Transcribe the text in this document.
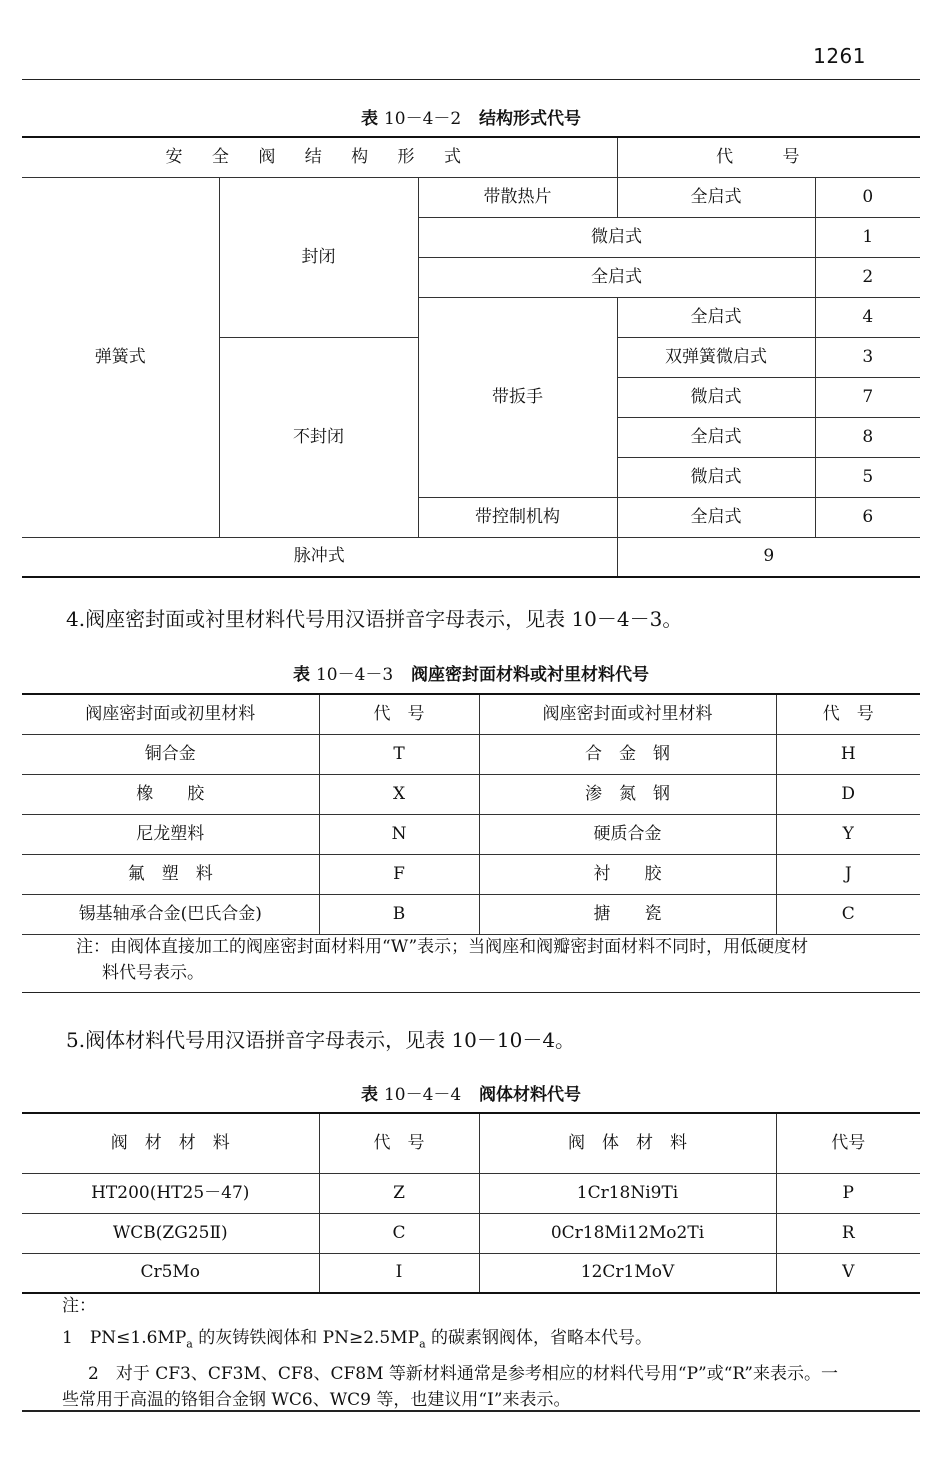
1261
表 10－4－2 结构形式代号
安 全 阀 结 构 形 式			代 号	
弹簧式	封闭	带散热片	全启式	0
		微启式		1
		全启式		2
		带扳手	全启式	4
	不封闭		双弹簧微启式	3
			微启式	7
			全启式	8
			微启式	5
		带控制机构	全启式	6
脉冲式			9	
4.阀座密封面或衬里材料代号用汉语拼音字母表示，见表 10－4－3。
表 10－4－3 阀座密封面材料或衬里材料代号
阀座密封面或初里材料	代　号	阀座密封面或衬里材料	代　号
铜合金	T	合　金　钢	H
橡　　胶	X	渗　氮　钢	D
尼龙塑料	N	硬质合金	Y
氟　塑　料	F	衬　　胶	J
锡基轴承合金(巴氏合金)	B	搪　　瓷	C
注：由阀体直接加工的阀座密封面材料用“W”表示；当阀座和阀瓣密封面材料不同时，用低硬度材
料代号表示。
5.阀体材料代号用汉语拼音字母表示，见表 10－10－4。
表 10－4－4 阀体材料代号
阀　材　材　料	代　号	阀　体　材　料	代号
HT200(HT25－47)	Z	1Cr18Ni9Ti	P
WCB(ZG25Ⅱ)	C	0Cr18Mi12Mo2Ti	R
Cr5Mo	Ⅰ	12Cr1MoV	V
注：
1　$PN\le 1.6MP_a$ 的灰铸铁阀体和 $PN\ge 2.5MP_a$ 的碳素钢阀体，省略本代号。
2　对于 CF3、CF3M、CF8、CF8M 等新材料通常是参考相应的材料代号用“P”或“R”来表示。一
些常用于高温的铬钼合金钢 WC6、WC9 等，也建议用“I”来表示。
